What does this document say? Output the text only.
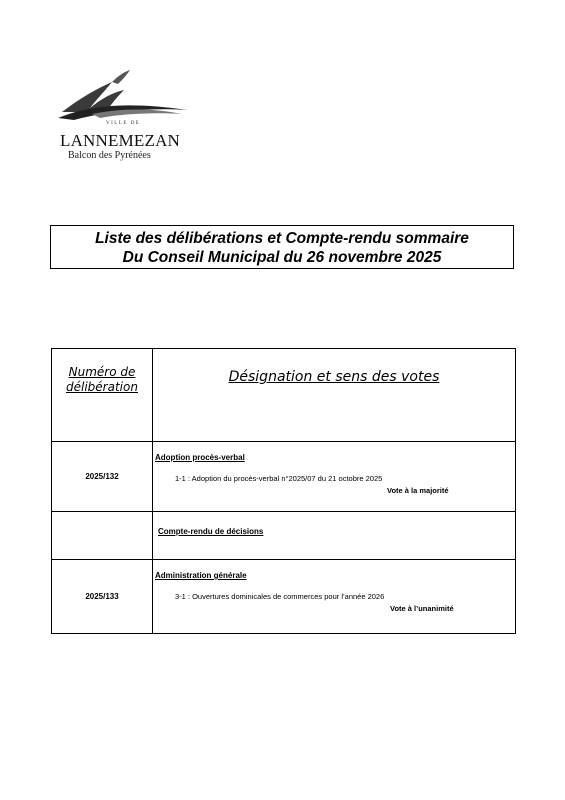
VILLE DE
LANNEMEZAN
Balcon des Pyrénées
Liste des délibérations et Compte-rendu sommaire
Du Conseil Municipal du 26 novembre 2025
Numéro de
délibération	Désignation et sens des votes
2025/132	Adoption procès-verbal
1-1 : Adoption du procès-verbal n°2025/07 du 21 octobre 2025
Vote à la majorité

	Compte-rendu de décisions

2025/133	Administration générale
3-1 : Ouvertures dominicales de commerces pour l’année 2026
Vote à l’unanimité
